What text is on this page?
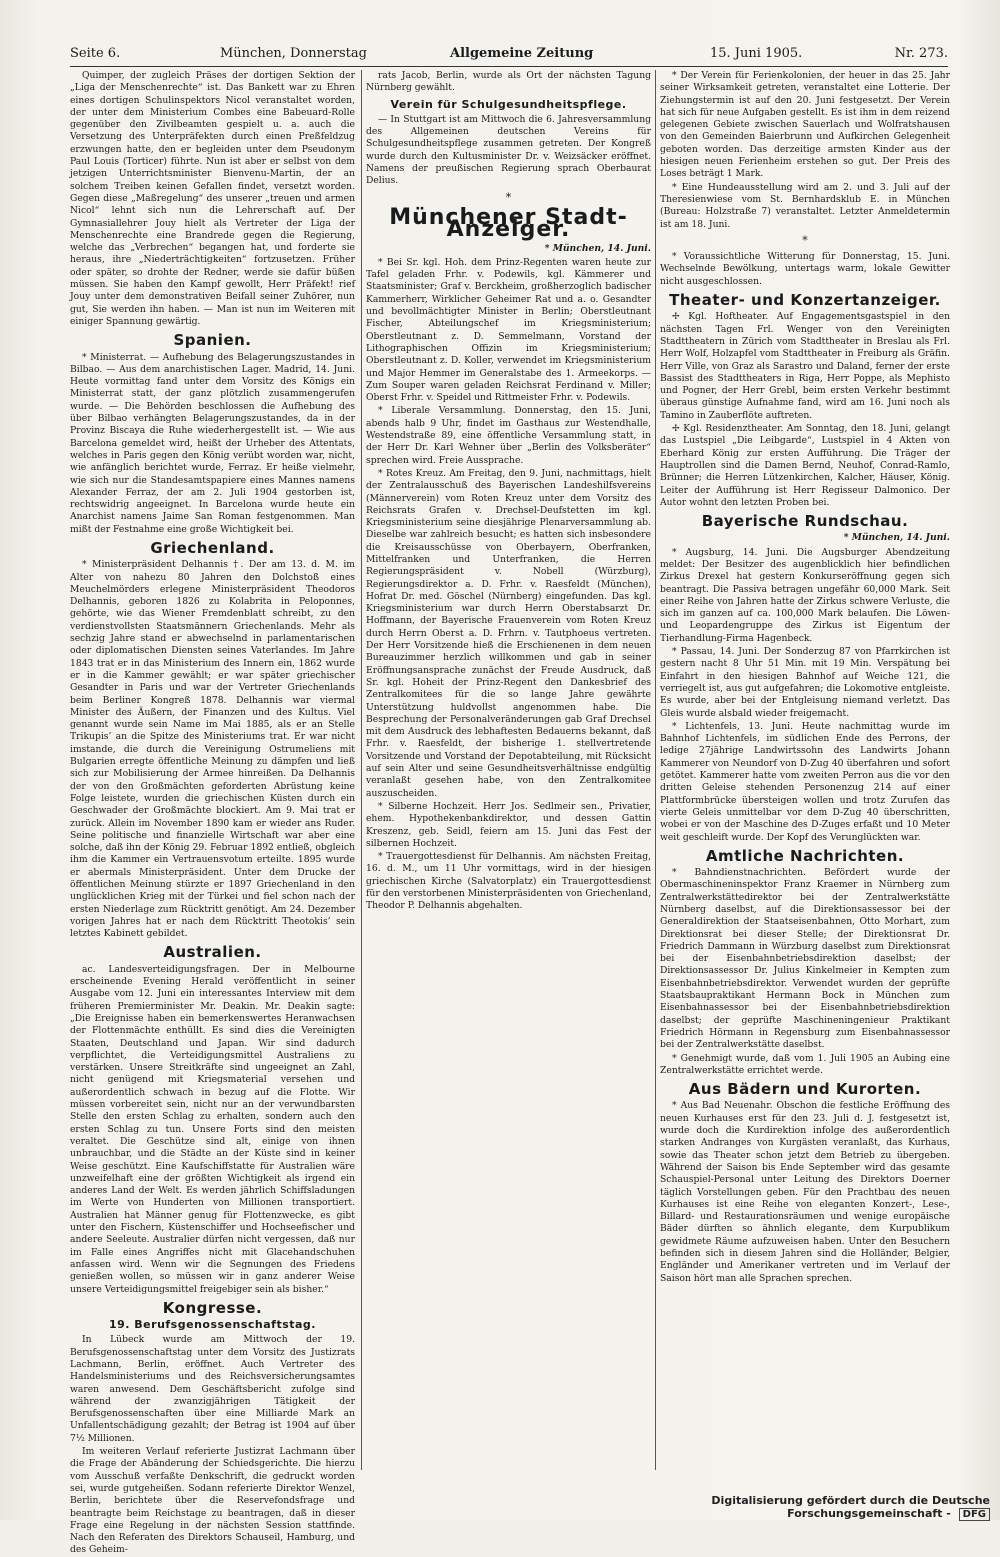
Seite 6.	München, Donnerstag	Allgemeine Zeitung	15. Juni 1905.	Nr. 273.

Quimper, der zugleich Präses der dortigen Sektion der „Liga der Menschenrechte“ ist. Das Bankett war zu Ehren eines dortigen Schulinspektors Nicol veranstaltet worden, der unter dem Ministerium Combes eine Babeuard-Rolle gegenüber den Zivilbeamten gespielt u. a. auch die Versetzung des Unterpräfekten durch einen Preßfeldzug erzwungen hatte, den er begleiden unter dem Pseudonym Paul Louis (Torticer) führte. Nun ist aber er selbst von dem jetzigen Unterrichtsminister Bienvenu-Martin, der an solchem Treiben keinen Gefallen findet, versetzt worden. Gegen diese „Maßregelung“ des unserer „treuen und armen Nicol“ lehnt sich nun die Lehrerschaft auf. Der Gymnasiallehrer Jouy hielt als Vertreter der Liga der Menschenrechte eine Brandrede gegen die Regierung, welche das „Verbrechen“ begangen hat, und forderte sie heraus, ihre „Niederträchtigkeiten“ fortzusetzen. Früher oder später, so drohte der Redner, werde sie dafür büßen müssen. Sie haben den Kampf gewollt, Herr Präfekt! rief Jouy unter dem demonstrativen Beifall seiner Zuhörer, nun gut, Sie werden ihn haben. — Man ist nun im Weiteren mit einiger Spannung gewärtig.

Spanien.

* Ministerrat. — Aufhebung des Belagerungszustandes in Bilbao. — Aus dem anarchistischen Lager. Madrid, 14. Juni. Heute vormittag fand unter dem Vorsitz des Königs ein Ministerrat statt, der ganz plötzlich zusammengerufen wurde. — Die Behörden beschlossen die Aufhebung des über Bilbao verhängten Belagerungszustandes, da in der Provinz Biscaya die Ruhe wiederhergestellt ist. — Wie aus Barcelona gemeldet wird, heißt der Urheber des Attentats, welches in Paris gegen den König verübt worden war, nicht, wie anfänglich berichtet wurde, Ferraz. Er heiße vielmehr, wie sich nur die Standesamtspapiere eines Mannes namens Alexander Ferraz, der am 2. Juli 1904 gestorben ist, rechtswidrig angeeignet. In Barcelona wurde heute ein Anarchist namens Jaime San Roman festgenommen. Man mißt der Festnahme eine große Wichtigkeit bei.

Griechenland.

* Ministerpräsident Delhannis †. Der am 13. d. M. im Alter von nahezu 80 Jahren den Dolchstoß eines Meuchelmörders erlegene Ministerpräsident Theodoros Delhannis, geboren 1826 zu Kolabrita in Peloponnes, gehörte, wie das Wiener Fremdenblatt schreibt, zu den verdienstvollsten Staatsmännern Griechenlands. Mehr als sechzig Jahre stand er abwechselnd in parlamentarischen oder diplomatischen Diensten seines Vaterlandes. Im Jahre 1843 trat er in das Ministerium des Innern ein, 1862 wurde er in die Kammer gewählt; er war später griechischer Gesandter in Paris und war der Vertreter Griechenlands beim Berliner Kongreß 1878. Delhannis war viermal Minister des Äußern, der Finanzen und des Kultus. Viel genannt wurde sein Name im Mai 1885, als er an Stelle Trikupis’ an die Spitze des Ministeriums trat. Er war nicht imstande, die durch die Vereinigung Ostrumeliens mit Bulgarien erregte öffentliche Meinung zu dämpfen und ließ sich zur Mobilisierung der Armee hinreißen. Da Delhannis der von den Großmächten geforderten Abrüstung keine Folge leistete, wurden die griechischen Küsten durch ein Geschwader der Großmächte blockiert. Am 9. Mai trat er zurück. Allein im November 1890 kam er wieder ans Ruder. Seine politische und finanzielle Wirtschaft war aber eine solche, daß ihn der König 29. Februar 1892 entließ, obgleich ihm die Kammer ein Vertrauensvotum erteilte. 1895 wurde er abermals Ministerpräsident. Unter dem Drucke der öffentlichen Meinung stürzte er 1897 Griechenland in den unglücklichen Krieg mit der Türkei und fiel schon nach der ersten Niederlage zum Rücktritt genötigt. Am 24. Dezember vorigen Jahres hat er nach dem Rücktritt Theotokis’ sein letztes Kabinett gebildet.

Australien.

ac. Landesverteidigungsfragen. Der in Melbourne erscheinende Evening Herald veröffentlicht in seiner Ausgabe vom 12. Juni ein interessantes Interview mit dem früheren Premierminister Mr. Deakin. Mr. Deakin sagte: „Die Ereignisse haben ein bemerkenswertes Heranwachsen der Flottenmächte enthüllt. Es sind dies die Vereinigten Staaten, Deutschland und Japan. Wir sind dadurch verpflichtet, die Verteidigungsmittel Australiens zu verstärken. Unsere Streitkräfte sind ungeeignet an Zahl, nicht genügend mit Kriegsmaterial versehen und außerordentlich schwach in bezug auf die Flotte. Wir müssen vorbereitet sein, nicht nur an der verwundbarsten Stelle den ersten Schlag zu erhalten, sondern auch den ersten Schlag zu tun. Unsere Forts sind den meisten veraltet. Die Geschütze sind alt, einige von ihnen unbrauchbar, und die Städte an der Küste sind in keiner Weise geschützt. Eine Kaufschiffstatte für Australien wäre unzweifelhaft eine der größten Wichtigkeit als irgend ein anderes Land der Welt. Es werden jährlich Schiffsladungen im Werte von Hunderten von Millionen transportiert. Australien hat Männer genug für Flottenzwecke, es gibt unter den Fischern, Küstenschiffer und Hochseefischer und andere Seeleute. Australier dürfen nicht vergessen, daß nur im Falle eines Angriffes nicht mit Glacehandschuhen anfassen wird. Wenn wir die Segnungen des Friedens genießen wollen, so müssen wir in ganz anderer Weise unsere Verteidigungsmittel freigebiger sein als bisher.“

Kongresse.
19. Berufsgenossenschaftstag.

In Lübeck wurde am Mittwoch der 19. Berufsgenossenschaftstag unter dem Vorsitz des Justizrats Lachmann, Berlin, eröffnet. Auch Vertreter des Handelsministeriums und des Reichsversicherungsamtes waren anwesend. Dem Geschäftsbericht zufolge sind während der zwanzigjährigen Tätigkeit der Berufsgenossenschaften über eine Milliarde Mark an Unfallentschädigung gezahlt; der Betrag ist 1904 auf über 7½ Millionen.

Im weiteren Verlauf referierte Justizrat Lachmann über die Frage der Abänderung der Schiedsgerichte. Die hierzu vom Ausschuß verfaßte Denkschrift, die gedruckt worden sei, wurde gutgeheißen. Sodann referierte Direktor Wenzel, Berlin, berichtete über die Reservefondsfrage und beantragte beim Reichstage zu beantragen, daß in dieser Frage eine Regelung in der nächsten Session stattfinde. Nach den Referaten des Direktors Schauseil, Hamburg, und des Geheim-

rats Jacob, Berlin, wurde als Ort der nächsten Tagung Nürnberg gewählt.

Verein für Schulgesundheitspflege.

— In Stuttgart ist am Mittwoch die 6. Jahresversammlung des Allgemeinen deutschen Vereins für Schulgesundheitspflege zusammen getreten. Der Kongreß wurde durch den Kultusminister Dr. v. Weizsäcker eröffnet. Namens der preußischen Regierung sprach Oberbaurat Delius.

*
Münchener Stadt-Anzeiger.
* München, 14. Juni.

* Bei Sr. kgl. Hoh. dem Prinz-Regenten waren heute zur Tafel geladen Frhr. v. Podewils, kgl. Kämmerer und Staatsminister; Graf v. Berckheim, großherzoglich badischer Kammerherr, Wirklicher Geheimer Rat und a. o. Gesandter und bevollmächtigter Minister in Berlin; Oberstleutnant Fischer, Abteilungschef im Kriegsministerium; Oberstleutnant z. D. Semmelmann, Vorstand der Lithographischen Offizin im Kriegsministerium; Oberstleutnant z. D. Koller, verwendet im Kriegsministerium und Major Hemmer im Generalstabe des 1. Armeekorps. — Zum Souper waren geladen Reichsrat Ferdinand v. Miller; Oberst Frhr. v. Speidel und Rittmeister Frhr. v. Podewils.

* Liberale Versammlung. Donnerstag, den 15. Juni, abends halb 9 Uhr, findet im Gasthaus zur Westendhalle, Westendstraße 89, eine öffentliche Versammlung statt, in der Herr Dr. Karl Wehner über „Berlin des Volksberäter“ sprechen wird. Freie Aussprache.

* Rotes Kreuz. Am Freitag, den 9. Juni, nachmittags, hielt der Zentralausschuß des Bayerischen Landeshilfsvereins (Männerverein) vom Roten Kreuz unter dem Vorsitz des Reichsrats Grafen v. Drechsel-Deufstetten im kgl. Kriegsministerium seine diesjährige Plenarversammlung ab. Dieselbe war zahlreich besucht; es hatten sich insbesondere die Kreisausschüsse von Oberbayern, Oberfranken, Mittelfranken und Unterfranken, die Herren Regierungspräsident v. Nobell (Würzburg), Regierungsdirektor a. D. Frhr. v. Raesfeldt (München), Hofrat Dr. med. Göschel (Nürnberg) eingefunden. Das kgl. Kriegsministerium war durch Herrn Oberstabsarzt Dr. Hoffmann, der Bayerische Frauenverein vom Roten Kreuz durch Herrn Oberst a. D. Frhrn. v. Tautphoeus vertreten. Der Herr Vorsitzende hieß die Erschienenen in dem neuen Bureauzimmer herzlich willkommen und gab in seiner Eröffnungsansprache zunächst der Freude Ausdruck, daß Sr. kgl. Hoheit der Prinz-Regent den Dankesbrief des Zentralkomitees für die so lange Jahre gewährte Unterstützung huldvollst angenommen habe. Die Besprechung der Personalveränderungen gab Graf Drechsel mit dem Ausdruck des lebhaftesten Bedauerns bekannt, daß Frhr. v. Raesfeldt, der bisherige 1. stellvertretende Vorsitzende und Vorstand der Depotabteilung, mit Rücksicht auf sein Alter und seine Gesundheitsverhältnisse endgültig veranlaßt gesehen habe, von den Zentralkomitee auszuscheiden.

* Silberne Hochzeit. Herr Jos. Sedlmeir sen., Privatier, ehem. Hypothekenbankdirektor, und dessen Gattin Kreszenz, geb. Seidl, feiern am 15. Juni das Fest der silbernen Hochzeit.

* Trauergottesdienst für Delhannis. Am nächsten Freitag, 16. d. M., um 11 Uhr vormittags, wird in der hiesigen griechischen Kirche (Salvatorplatz) ein Trauergottesdienst für den verstorbenen Ministerpräsidenten von Griechenland, Theodor P. Delhannis abgehalten.

* Der Verein für Ferienkolonien, der heuer in das 25. Jahr seiner Wirksamkeit getreten, veranstaltet eine Lotterie. Der Ziehungstermin ist auf den 20. Juni festgesetzt. Der Verein hat sich für neue Aufgaben gestellt. Es ist ihm in dem reizend gelegenen Gebiete zwischen Sauerlach und Wolfratshausen von den Gemeinden Baierbrunn und Aufkirchen Gelegenheit geboten worden. Das derzeitige armsten Kinder aus der hiesigen neuen Ferienheim erstehen so gut. Der Preis des Loses beträgt 1 Mark.

* Eine Hundeausstellung wird am 2. und 3. Juli auf der Theresienwiese vom St. Bernhardsklub E. in München (Bureau: Holzstraße 7) veranstaltet. Letzter Anmeldetermin ist am 18. Juni.

*

* Voraussichtliche Witterung für Donnerstag, 15. Juni. Wechselnde Bewölkung, untertags warm, lokale Gewitter nicht ausgeschlossen.

Theater- und Konzertanzeiger.

✢ Kgl. Hoftheater. Auf Engagementsgastspiel in den nächsten Tagen Frl. Wenger von den Vereinigten Stadttheatern in Zürich vom Stadttheater in Breslau als Frl. Herr Wolf, Holzapfel vom Stadttheater in Freiburg als Gräfin. Herr Ville, von Graz als Sarastro und Daland, ferner der erste Bassist des Stadttheaters in Riga, Herr Poppe, als Mephisto und Pogner, der Herr Grebl, beim ersten Verkehr bestimmt überaus günstige Aufnahme fand, wird am 16. Juni noch als Tamino in Zauberflöte auftreten.

✢ Kgl. Residenztheater. Am Sonntag, den 18. Juni, gelangt das Lustspiel „Die Leibgarde“, Lustspiel in 4 Akten von Eberhard König zur ersten Aufführung. Die Träger der Hauptrollen sind die Damen Bernd, Neuhof, Conrad-Ramlo, Brünner; die Herren Lützenkirchen, Kalcher, Häuser, König. Leiter der Aufführung ist Herr Regisseur Dalmonico. Der Autor wohnt den letzten Proben bei.

Bayerische Rundschau.
* München, 14. Juni.

* Augsburg, 14. Juni. Die Augsburger Abendzeitung meldet: Der Besitzer des augenblicklich hier befindlichen Zirkus Drexel hat gestern Konkurseröffnung gegen sich beantragt. Die Passiva betragen ungefähr 60,000 Mark. Seit einer Reihe von Jahren hatte der Zirkus schwere Verluste, die sich im ganzen auf ca. 100,000 Mark belaufen. Die Löwen- und Leopardengruppe des Zirkus ist Eigentum der Tierhandlung-Firma Hagenbeck.

* Passau, 14. Juni. Der Sonderzug 87 von Pfarrkirchen ist gestern nacht 8 Uhr 51 Min. mit 19 Min. Verspätung bei Einfahrt in den hiesigen Bahnhof auf Weiche 121, die verriegelt ist, aus gut aufgefahren; die Lokomotive entgleiste. Es wurde, aber bei der Entgleisung niemand verletzt. Das Gleis wurde alsbald wieder freigemacht.

* Lichtenfels, 13. Juni. Heute nachmittag wurde im Bahnhof Lichtenfels, im südlichen Ende des Perrons, der ledige 27jährige Landwirtssohn des Landwirts Johann Kammerer von Neundorf von D-Zug 40 überfahren und sofort getötet. Kammerer hatte vom zweiten Perron aus die vor den dritten Geleise stehenden Personenzug 214 auf einer Plattformbrücke übersteigen wollen und trotz Zurufen das vierte Geleis unmittelbar vor dem D-Zug 40 überschritten, wobei er von der Maschine des D-Zuges erfaßt und 10 Meter weit geschleift wurde. Der Kopf des Verunglückten war.

Amtliche Nachrichten.

* Bahndienstnachrichten. Befördert wurde der Obermaschineninspektor Franz Kraemer in Nürnberg zum Zentralwerkstättedirektor bei der Zentralwerkstätte Nürnberg daselbst, auf die Direktionsassessor bei der Generaldirektion der Staatseisenbahnen, Otto Morhart, zum Direktionsrat bei dieser Stelle; der Direktionsrat Dr. Friedrich Dammann in Würzburg daselbst zum Direktionsrat bei der Eisenbahnbetriebsdirektion daselbst; der Direktionsassessor Dr. Julius Kinkelmeier in Kempten zum Eisenbahnbetriebsdirektor. Verwendet wurden der geprüfte Staatsbaupraktikant Hermann Bock in München zum Eisenbahnassessor bei der Eisenbahnbetriebsdirektion daselbst; der geprüfte Maschineningenieur Praktikant Friedrich Hörmann in Regensburg zum Eisenbahnassessor bei der Zentralwerkstätte daselbst.

* Genehmigt wurde, daß vom 1. Juli 1905 an Aubing eine Zentralwerkstätte errichtet werde.

Aus Bädern und Kurorten.

* Aus Bad Neuenahr. Obschon die festliche Eröffnung des neuen Kurhauses erst für den 23. Juli d. J. festgesetzt ist, wurde doch die Kurdirektion infolge des außerordentlich starken Andranges von Kurgästen veranlaßt, das Kurhaus, sowie das Theater schon jetzt dem Betrieb zu übergeben. Während der Saison bis Ende September wird das gesamte Schauspiel-Personal unter Leitung des Direktors Doerner täglich Vorstellungen geben. Für den Prachtbau des neuen Kurhauses ist eine Reihe von eleganten Konzert-, Lese-, Billard- und Restaurationsräumen und wenige europäische Bäder dürften so ähnlich elegante, dem Kurpublikum gewidmete Räume aufzuweisen haben. Unter den Besuchern befinden sich in diesem Jahren sind die Holländer, Belgier, Engländer und Amerikaner vertreten und im Verlauf der Saison hört man alle Sprachen sprechen.

Digitalisierung gefördert durch die Deutsche Forschungsgemeinschaft - DFG
